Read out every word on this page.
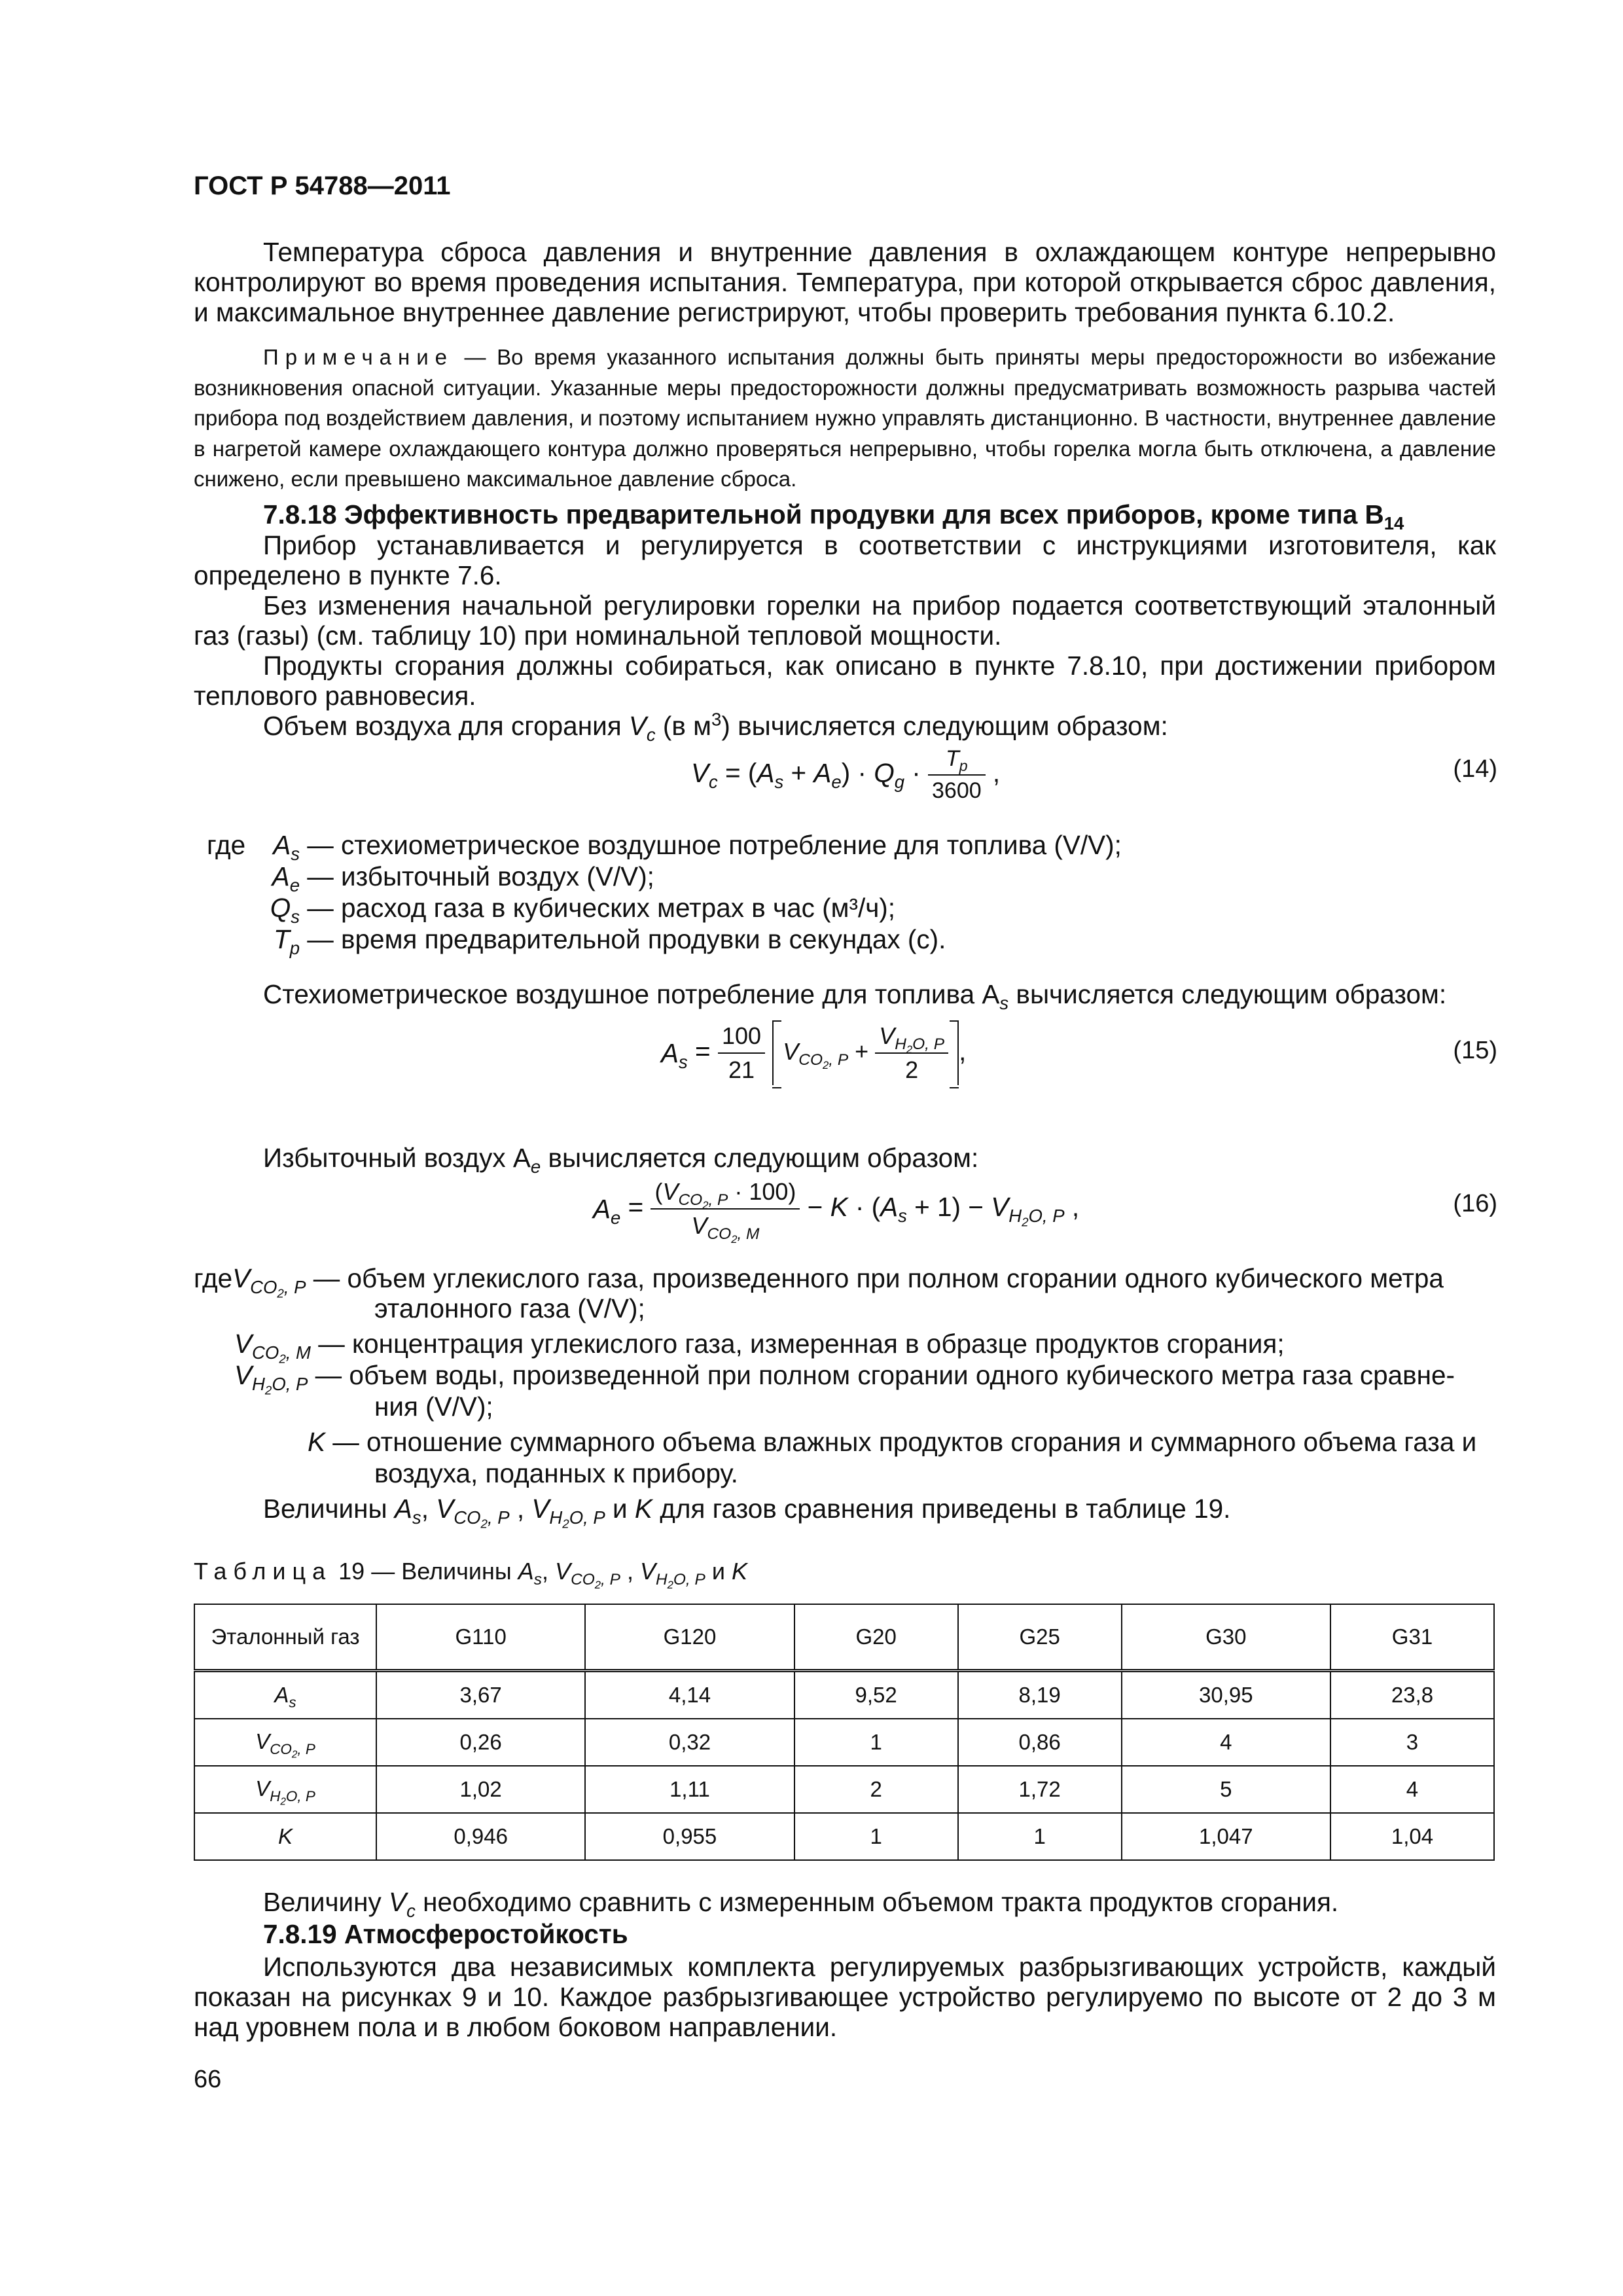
ГОСТ Р 54788—2011
Температура сброса давления и внутренние давления в охлаждающем контуре непрерывно контролируют во время проведения испытания. Температура, при которой открывается сброс давления, и максимальное внутреннее давление регистрируют, чтобы проверить требования пункта 6.10.2.
Примечание — Во время указанного испытания должны быть приняты меры предосторожности во избежание возникновения опасной ситуации. Указанные меры предосторожности должны предусматривать возможность разрыва частей прибора под воздействием давления, и поэтому испытанием нужно управлять дистанционно. В частности, внутреннее давление в нагретой камере охлаждающего контура должно проверяться непрерывно, чтобы горелка могла быть отключена, а давление снижено, если превышено максимальное давление сброса.
7.8.18 Эффективность предварительной продувки для всех приборов, кроме типа $B_{14}$
Прибор устанавливается и регулируется в соответствии с инструкциями изготовителя, как определено в пункте 7.6.
Без изменения начальной регулировки горелки на прибор подается соответствующий эталонный газ (газы) (см. таблицу 10) при номинальной тепловой мощности.
Продукты сгорания должны собираться, как описано в пункте 7.8.10, при достижении прибором теплового равновесия.
Объем воздуха для сгорания $V_c$ (в $м^3$) вычисляется следующим образом:
$V_c = (A_s + A_e) \cdot Q_g \cdot \frac{T_p}{3600}$ ,	(14)
где	$A_s$ — стехиометрическое воздушное потребление для топлива (V/V);
$A_e$ — избыточный воздух (V/V);
$Q_s$ — расход газа в кубических метрах в час (м³/ч);
$T_p$ — время предварительной продувки в секундах (с).
Стехиометрическое воздушное потребление для топлива $A_s$ вычисляется следующим образом:
$A_s = \frac{100}{21} V_{CO_2, P} + \frac{V_{H_2O, P}}{2}$ ,	(15)
Избыточный воздух $A_e$ вычисляется следующим образом:
$A_e = \frac{(V_{CO_2, P} \cdot 100)}{V_{CO_2, M}} - K \cdot (A_s + 1) - V_{H_2O, P}$ ,	(16)
гдеV$_{CO_2, P}$ — объем углекислого газа, произведенного при полном сгорании одного кубического метра
эталонного газа (V/V);
$V_{CO_2, M}$ — концентрация углекислого газа, измеренная в образце продуктов сгорания;
$V_{H_2O, P}$ — объем воды, произведенной при полном сгорании одного кубического метра газа сравне-
ния (V/V);
K — отношение суммарного объема влажных продуктов сгорания и суммарного объема газа и
воздуха, поданных к прибору.
Величины $A_s$, $V_{CO_2, P}$ , $V_{H_2O, P}$ и K для газов сравнения приведены в таблице 19.
Таблица 19 — Величины $A_s$, $V_{CO_2, P}$ , $V_{H_2O, P}$ и K
Эталонный газ	G110	G120	G20	G25	G30	G31
$A_s$	3,67	4,14	9,52	8,19	30,95	23,8
$V_{CO_2, P}$	0,26	0,32	1	0,86	4	3
$V_{H_2O, P}$	1,02	1,11	2	1,72	5	4
K	0,946	0,955	1	1	1,047	1,04
Величину $V_c$ необходимо сравнить с измеренным объемом тракта продуктов сгорания.
7.8.19 Атмосферостойкость
Используются два независимых комплекта регулируемых разбрызгивающих устройств, каждый показан на рисунках 9 и 10. Каждое разбрызгивающее устройство регулируемо по высоте от 2 до 3 м над уровнем пола и в любом боковом направлении.
66
